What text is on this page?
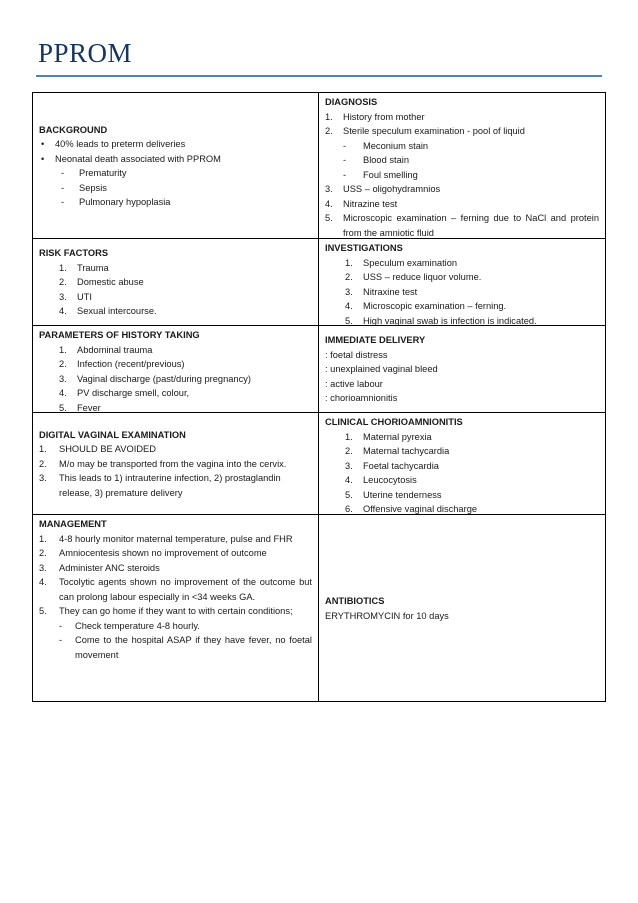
PPROM
BACKGROUND
•	40% leads to preterm deliveries
•	Neonatal death associated with PPROM
-	Prematurity
-	Sepsis
-	Pulmonary hypoplasia
DIAGNOSIS
1.	History from mother
2.	Sterile speculum examination - pool of liquid
-	Meconium stain
-	Blood stain
-	Foul smelling
3.	USS – oligohydramnios
4.	Nitrazine test
5.	Microscopic examination – ferning due to NaCl and protein from the amniotic fluid
RISK FACTORS
1.	Trauma
2.	Domestic abuse
3.	UTI
4.	Sexual intercourse.
INVESTIGATIONS
1.	Speculum examination
2.	USS – reduce liquor volume.
3.	Nitraxine test
4.	Microscopic examination – ferning.
5.	High vaginal swab is infection is indicated.
PARAMETERS OF HISTORY TAKING
1.	Abdominal trauma
2.	Infection (recent/previous)
3.	Vaginal discharge (past/during pregnancy)
4.	PV discharge smell, colour,
5.	Fever
IMMEDIATE DELIVERY
: foetal distress
: unexplained vaginal bleed
: active labour
: chorioamnionitis
DIGITAL VAGINAL EXAMINATION
1.	SHOULD BE AVOIDED
2.	M/o may be transported from the vagina into the cervix.
3.	This leads to 1) intrauterine infection, 2) prostaglandin release, 3) premature delivery
CLINICAL CHORIOAMNIONITIS
1.	Maternal pyrexia
2.	Maternal tachycardia
3.	Foetal tachycardia
4.	Leucocytosis
5.	Uterine tenderness
6.	Offensive vaginal discharge
MANAGEMENT
1.	4-8 hourly monitor maternal temperature, pulse and FHR
2.	Amniocentesis shown no improvement of outcome
3.	Administer ANC steroids
4.	Tocolytic agents shown no improvement of the outcome but can prolong labour especially in <34 weeks GA.
5.	They can go home if they want to with certain conditions;
-	Check temperature 4-8 hourly.
-	Come to the hospital ASAP if they have fever, no foetal movement
ANTIBIOTICS
ERYTHROMYCIN for 10 days
